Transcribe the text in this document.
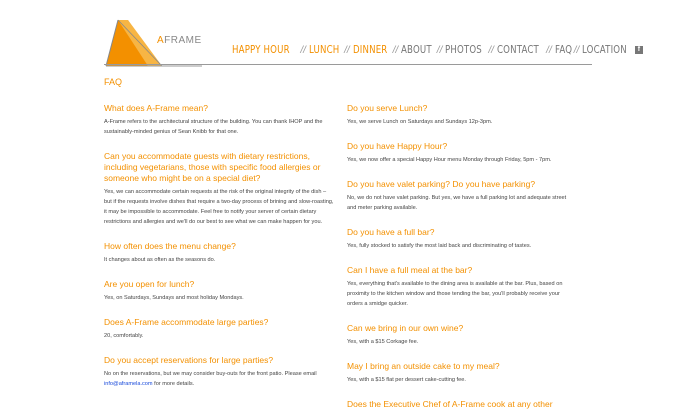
AFRAME
HAPPY HOUR // LUNCH // DINNER // ABOUT // PHOTOS // CONTACT // FAQ // LOCATION	f
FAQ
What does A-Frame mean?
A-Frame refers to the architectural structure of the building. You can thank IHOP and the sustainably-minded genius of Sean Knibb for that one.
Can you accommodate guests with dietary restrictions, including vegetarians, those with specific food allergies or someone who might be on a special diet?
Yes, we can accommodate certain requests at the risk of the original integrity of the dish – but if the requests involve dishes that require a two-day process of brining and slow-roasting, it may be impossible to accommodate. Feel free to notify your server of certain dietary restrictions and allergies and we'll do our best to see what we can make happen for you.
How often does the menu change?
It changes about as often as the seasons do.
Are you open for lunch?
Yes, on Saturdays, Sundays and most holiday Mondays.
Does A-Frame accommodate large parties?
20, comfortably.
Do you accept reservations for large parties?
No on the reservations, but we may consider buy-outs for the front patio. Please email info@aframela.com for more details.
Do you serve Lunch?
Yes, we serve Lunch on Saturdays and Sundays 12p-3pm.
Do you have Happy Hour?
Yes, we now offer a special Happy Hour menu Monday through Friday, 5pm - 7pm.
Do you have valet parking? Do you have parking?
No, we do not have valet parking. But yes, we have a full parking lot and adequate street and meter parking available.
Do you have a full bar?
Yes, fully stocked to satisfy the most laid back and discriminating of tastes.
Can I have a full meal at the bar?
Yes, everything that's available to the dining area is available at the bar. Plus, based on proximity to the kitchen window and those tending the bar, you'll probably receive your orders a smidge quicker.
Can we bring in our own wine?
Yes, with a $15 Corkage fee.
May I bring an outside cake to my meal?
Yes, with a $15 flat per dessert cake-cutting fee.
Does the Executive Chef of A-Frame cook at any other
